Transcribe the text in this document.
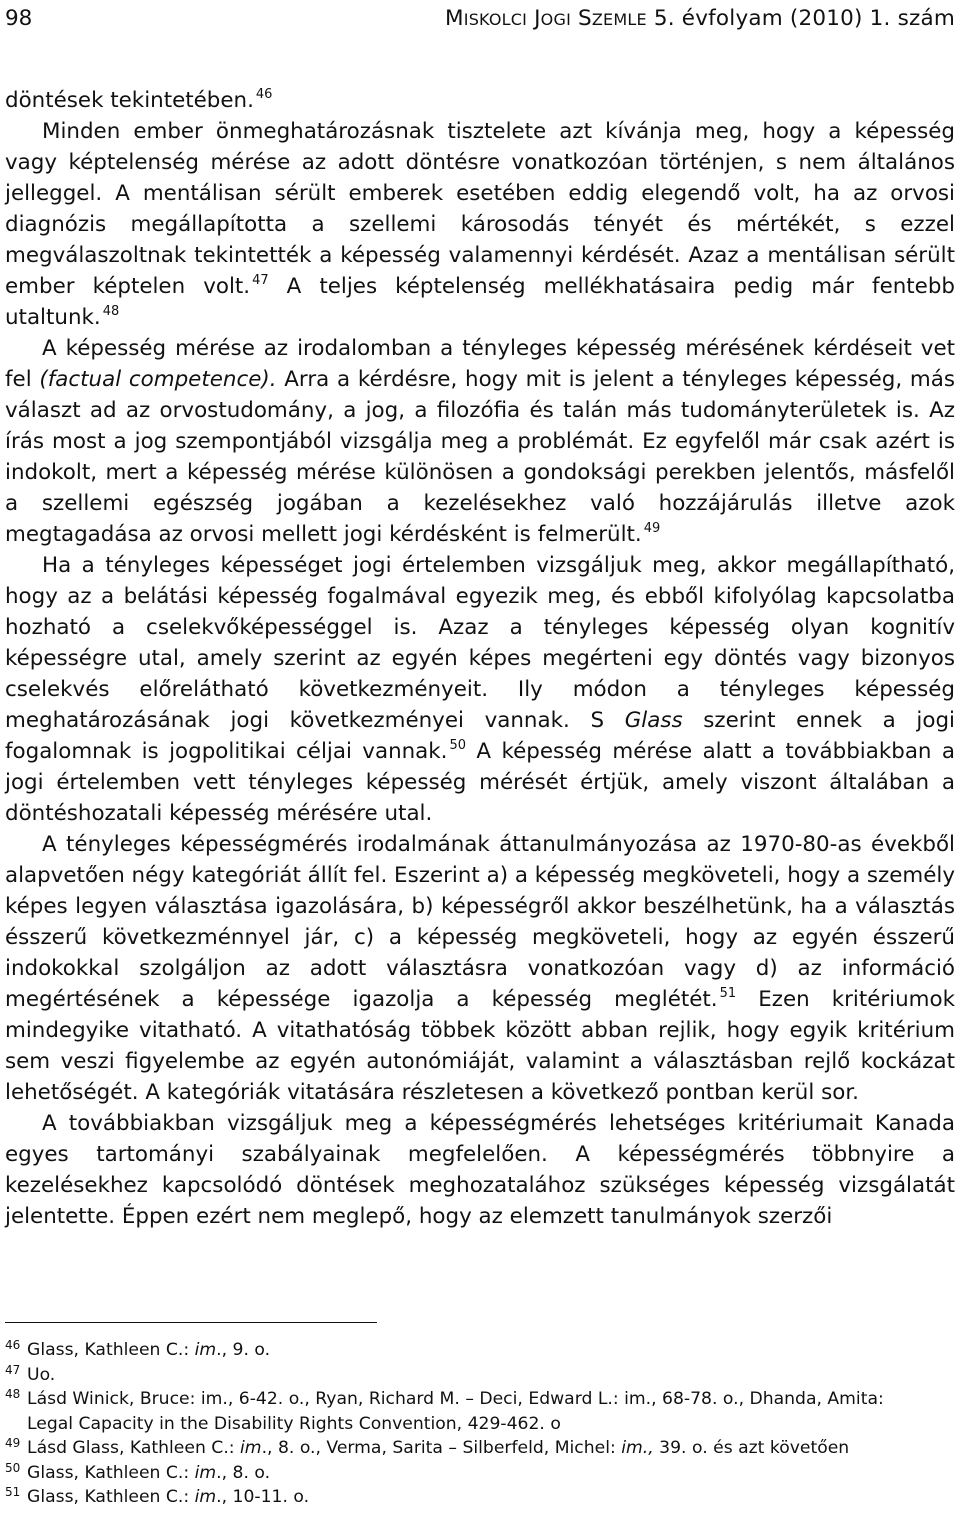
98	MISKOLCI JOGI SZEMLE 5. évfolyam (2010) 1. szám

döntések tekintetében. $^{46}$

Minden ember önmeghatározásnak tisztelete azt kívánja meg, hogy a képesség vagy képtelenség mérése az adott döntésre vonatkozóan történjen, s nem általános jelleggel. A mentálisan sérült emberek esetében eddig elegendő volt, ha az orvosi diagnózis megállapította a szellemi károsodás tényét és mértékét, s ezzel megválaszoltnak tekintették a képesség valamennyi kérdését. Azaz a mentálisan sérült ember képtelen volt. $^{47}$ A teljes képtelenség mellékhatásaira pedig már fentebb utaltunk. $^{48}$

A képesség mérése az irodalomban a tényleges képesség mérésének kérdéseit vet fel (factual competence). Arra a kérdésre, hogy mit is jelent a tényleges képesség, más választ ad az orvostudomány, a jog, a filozófia és talán más tudományterületek is. Az írás most a jog szempontjából vizsgálja meg a problémát. Ez egyfelől már csak azért is indokolt, mert a képesség mérése különösen a gondoksági perekben jelentős, másfelől a szellemi egészség jogában a kezelésekhez való hozzájárulás illetve azok megtagadása az orvosi mellett jogi kérdésként is felmerült. $^{49}$

Ha a tényleges képességet jogi értelemben vizsgáljuk meg, akkor megállapítható, hogy az a belátási képesség fogalmával egyezik meg, és ebből kifolyólag kapcsolatba hozható a cselekvőképességgel is. Azaz a tényleges képesség olyan kognitív képességre utal, amely szerint az egyén képes megérteni egy döntés vagy bizonyos cselekvés előrelátható következményeit. Ily módon a tényleges képesség meghatározásának jogi következményei vannak. S Glass szerint ennek a jogi fogalomnak is jogpolitikai céljai vannak. $^{50}$ A képesség mérése alatt a továbbiakban a jogi értelemben vett tényleges képesség mérését értjük, amely viszont általában a döntéshozatali képesség mérésére utal.

A tényleges képességmérés irodalmának áttanulmányozása az 1970-80-as évekből alapvetően négy kategóriát állít fel. Eszerint a) a képesség megköveteli, hogy a személy képes legyen választása igazolására, b) képességről akkor beszélhetünk, ha a választás ésszerű következménnyel jár, c) a képesség megköveteli, hogy az egyén ésszerű indokokkal szolgáljon az adott választásra vonatkozóan vagy d) az információ megértésének a képessége igazolja a képesség meglétét. $^{51}$ Ezen kritériumok mindegyike vitatható. A vitathatóság többek között abban rejlik, hogy egyik kritérium sem veszi figyelembe az egyén autonómiáját, valamint a választásban rejlő kockázat lehetőségét. A kategóriák vitatására részletesen a következő pontban kerül sor.

A továbbiakban vizsgáljuk meg a képességmérés lehetséges kritériumait Kanada egyes tartományi szabályainak megfelelően. A képességmérés többnyire a kezelésekhez kapcsolódó döntések meghozatalához szükséges képesség vizsgálatát jelentette. Éppen ezért nem meglepő, hogy az elemzett tanulmányok szerzői

46 Glass, Kathleen C.: im., 9. o.
47 Uo.
48 Lásd Winick, Bruce: im., 6-42. o., Ryan, Richard M. – Deci, Edward L.: im., 68-78. o., Dhanda, Amita:
Legal Capacity in the Disability Rights Convention, 429-462. o
49 Lásd Glass, Kathleen C.: im., 8. o., Verma, Sarita – Silberfeld, Michel: im., 39. o. és azt követően
50 Glass, Kathleen C.: im., 8. o.
51 Glass, Kathleen C.: im., 10-11. o.
